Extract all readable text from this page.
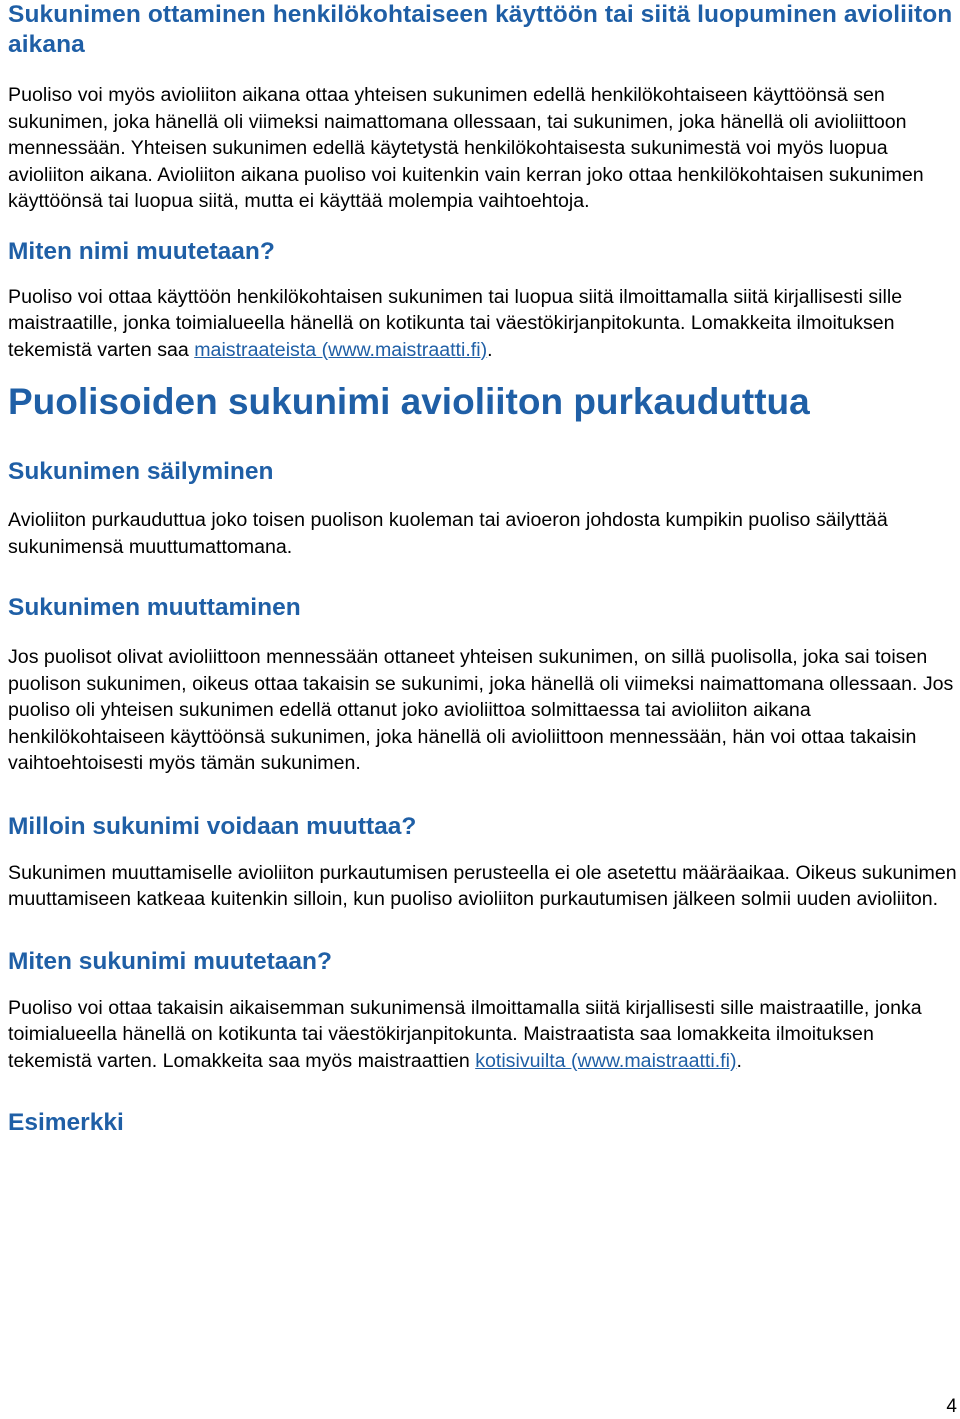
Sukunimen ottaminen henkilökohtaiseen käyttöön tai siitä luopuminen avioliiton aikana

Puoliso voi myös avioliiton aikana ottaa yhteisen sukunimen edellä henkilökohtaiseen käyttöönsä sen sukunimen, joka hänellä oli viimeksi naimattomana ollessaan, tai sukunimen, joka hänellä oli avioliittoon mennessään. Yhteisen sukunimen edellä käytetystä henkilökohtaisesta sukunimestä voi myös luopua avioliiton aikana. Avioliiton aikana puoliso voi kuitenkin vain kerran joko ottaa henkilökohtaisen sukunimen käyttöönsä tai luopua siitä, mutta ei käyttää molempia vaihtoehtoja.

Miten nimi muutetaan?

Puoliso voi ottaa käyttöön henkilökohtaisen sukunimen tai luopua siitä ilmoittamalla siitä kirjallisesti sille maistraatille, jonka toimialueella hänellä on kotikunta tai väestökirjanpitokunta. Lomakkeita ilmoituksen tekemistä varten saa maistraateista (www.maistraatti.fi).

Puolisoiden sukunimi avioliiton purkauduttua
Sukunimen säilyminen

Avioliiton purkauduttua joko toisen puolison kuoleman tai avioeron johdosta kumpikin puoliso säilyttää sukunimensä muuttumattomana.

Sukunimen muuttaminen

Jos puolisot olivat avioliittoon mennessään ottaneet yhteisen sukunimen, on sillä puolisolla, joka sai toisen puolison sukunimen, oikeus ottaa takaisin se sukunimi, joka hänellä oli viimeksi naimattomana ollessaan. Jos puoliso oli yhteisen sukunimen edellä ottanut joko avioliittoa solmittaessa tai avioliiton aikana henkilökohtaiseen käyttöönsä sukunimen, joka hänellä oli avioliittoon mennessään, hän voi ottaa takaisin vaihtoehtoisesti myös tämän sukunimen.

Milloin sukunimi voidaan muuttaa?

Sukunimen muuttamiselle avioliiton purkautumisen perusteella ei ole asetettu määräaikaa. Oikeus sukunimen muuttamiseen katkeaa kuitenkin silloin, kun puoliso avioliiton purkautumisen jälkeen solmii uuden avioliiton.

Miten sukunimi muutetaan?

Puoliso voi ottaa takaisin aikaisemman sukunimensä ilmoittamalla siitä kirjallisesti sille maistraatille, jonka toimialueella hänellä on kotikunta tai väestökirjanpitokunta. Maistraatista saa lomakkeita ilmoituksen tekemistä varten. Lomakkeita saa myös maistraattien kotisivuilta (www.maistraatti.fi).

Esimerkki
4
